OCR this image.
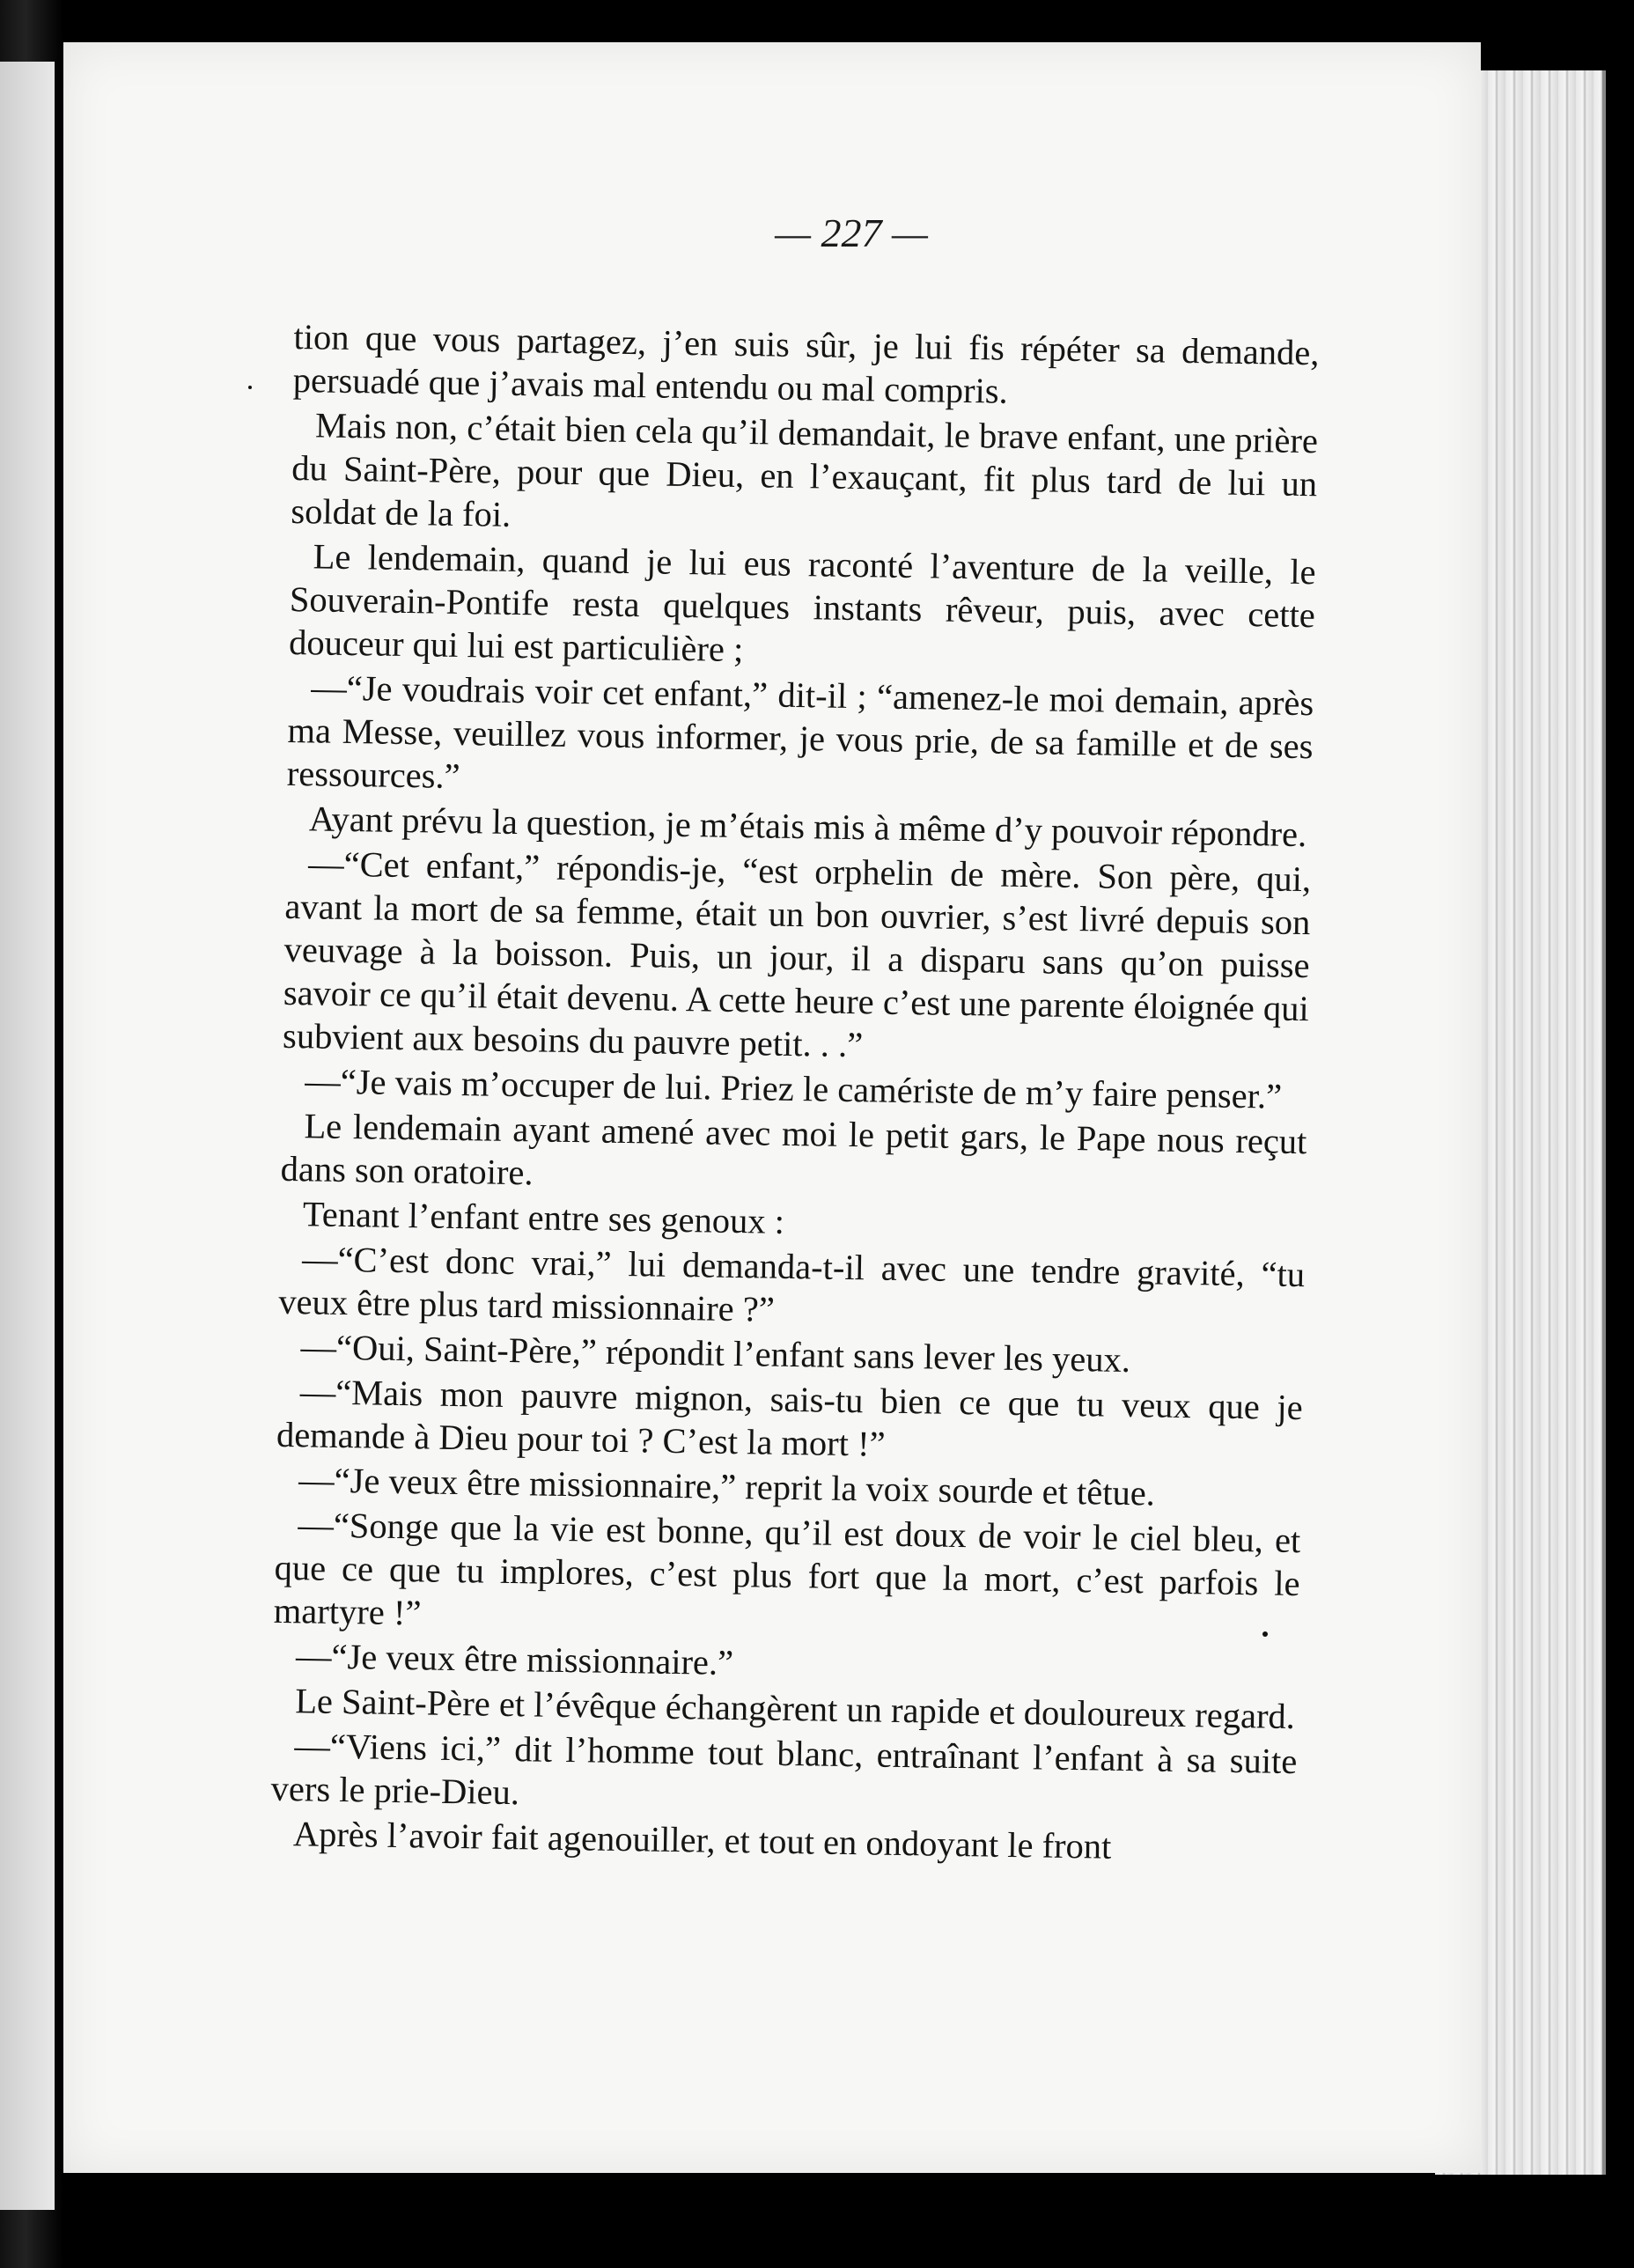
— 227 —

tion que vous partagez, j’en suis sûr, je lui fis répéter sa demande, persuadé que j’avais mal entendu ou mal compris.

Mais non, c’était bien cela qu’il demandait, le brave enfant, une prière du Saint-Père, pour que Dieu, en l’exauçant, fit plus tard de lui un soldat de la foi.

Le lendemain, quand je lui eus raconté l’aventure de la veille, le Souverain-Pontife resta quelques instants rêveur, puis, avec cette douceur qui lui est particulière ;

—“Je voudrais voir cet enfant,” dit-il ; “amenez-le moi demain, après ma Messe, veuillez vous informer, je vous prie, de sa famille et de ses ressources.”

Ayant prévu la question, je m’étais mis à même d’y pouvoir répondre.

—“Cet enfant,” répondis-je, “est orphelin de mère. Son père, qui, avant la mort de sa femme, était un bon ouvrier, s’est livré depuis son veuvage à la boisson. Puis, un jour, il a disparu sans qu’on puisse savoir ce qu’il était devenu. A cette heure c’est une parente éloignée qui subvient aux besoins du pauvre petit. . .”

—“Je vais m’occuper de lui. Priez le caméristе de m’y faire penser.”

Le lendemain ayant amené avec moi le petit gars, le Pape nous reçut dans son oratoire.

Tenant l’enfant entre ses genoux :

—“C’est donc vrai,” lui demanda-t-il avec une tendre gravité, “tu veux être plus tard missionnaire ?”

—“Oui, Saint-Père,” répondit l’enfant sans lever les yeux.

—“Mais mon pauvre mignon, sais-tu bien ce que tu veux que je demande à Dieu pour toi ? C’est la mort !”

—“Je veux être missionnaire,” reprit la voix sourde et têtue.

—“Songe que la vie est bonne, qu’il est doux de voir le ciel bleu, et que ce que tu implores, c’est plus fort que la mort, c’est parfois le martyre !”

—“Je veux être missionnaire.”

Le Saint-Père et l’évêque échangèrent un rapide et douloureux regard.

—“Viens ici,” dit l’homme tout blanc, entraînant l’enfant à sa suite vers le prie-Dieu.

Après l’avoir fait agenouiller, et tout en ondoyant le front
